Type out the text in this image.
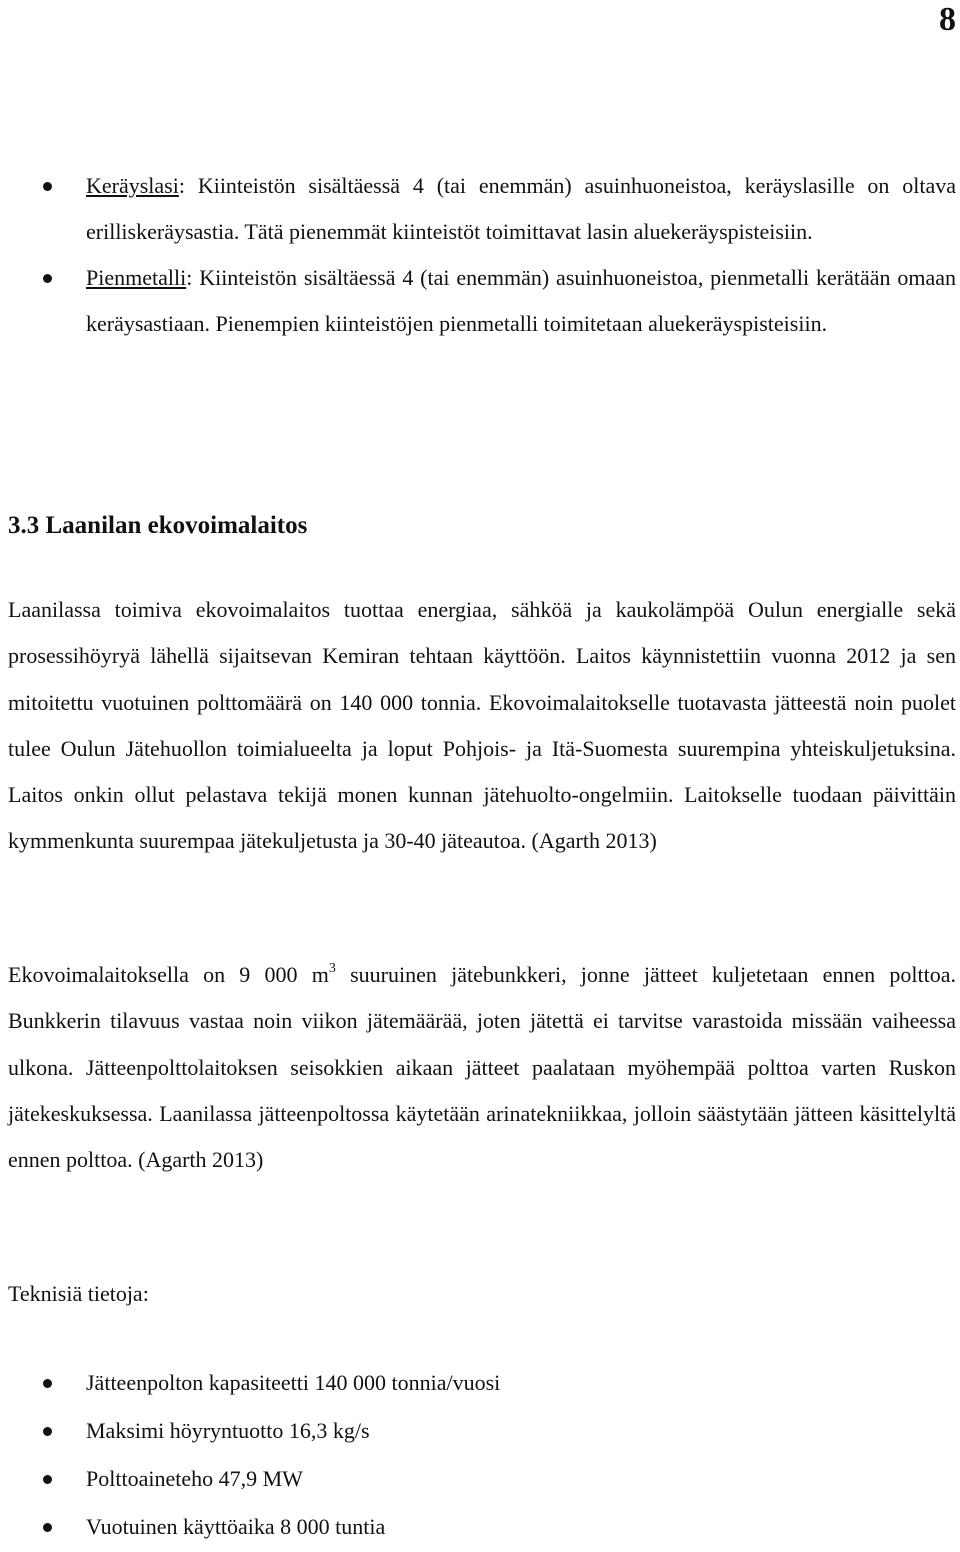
8
Keräyslasi: Kiinteistön sisältäessä 4 (tai enemmän) asuinhuoneistoa, keräyslasille on oltava erilliskeräysastia. Tätä pienemmät kiinteistöt toimittavat lasin aluekeräyspisteisiin.
Pienmetalli: Kiinteistön sisältäessä 4 (tai enemmän) asuinhuoneistoa, pienmetalli kerätään omaan keräysastiaan. Pienempien kiinteistöjen pienmetalli toimitetaan aluekeräyspisteisiin.
3.3 Laanilan ekovoimalaitos

Laanilassa toimiva ekovoimalaitos tuottaa energiaa, sähköä ja kaukolämpöä Oulun energialle sekä prosessihöyryä lähellä sijaitsevan Kemiran tehtaan käyttöön. Laitos käynnistettiin vuonna 2012 ja sen mitoitettu vuotuinen polttomäärä on 140 000 tonnia. Ekovoimalaitokselle tuotavasta jätteestä noin puolet tulee Oulun Jätehuollon toimialueelta ja loput Pohjois- ja Itä-Suomesta suurempina yhteiskuljetuksina. Laitos onkin ollut pelastava tekijä monen kunnan jätehuolto-ongelmiin. Laitokselle tuodaan päivittäin kymmenkunta suurempaa jätekuljetusta ja 30-40 jäteautoa. (Agarth 2013)

Ekovoimalaitoksella on 9 000 $m^3$ suuruinen jätebunkkeri, jonne jätteet kuljetetaan ennen polttoa. Bunkkerin tilavuus vastaa noin viikon jätemäärää, joten jätettä ei tarvitse varastoida missään vaiheessa ulkona. Jätteenpolttolaitoksen seisokkien aikaan jätteet paalataan myöhempää polttoa varten Ruskon jätekeskuksessa. Laanilassa jätteenpoltossa käytetään arinatekniikkaa, jolloin säästytään jätteen käsittelyltä ennen polttoa. (Agarth 2013)

Teknisiä tietoja:
Jätteenpolton kapasiteetti 140 000 tonnia/vuosi
Maksimi höyryntuotto 16,3 kg/s
Polttoaineteho 47,9 MW
Vuotuinen käyttöaika 8 000 tuntia
